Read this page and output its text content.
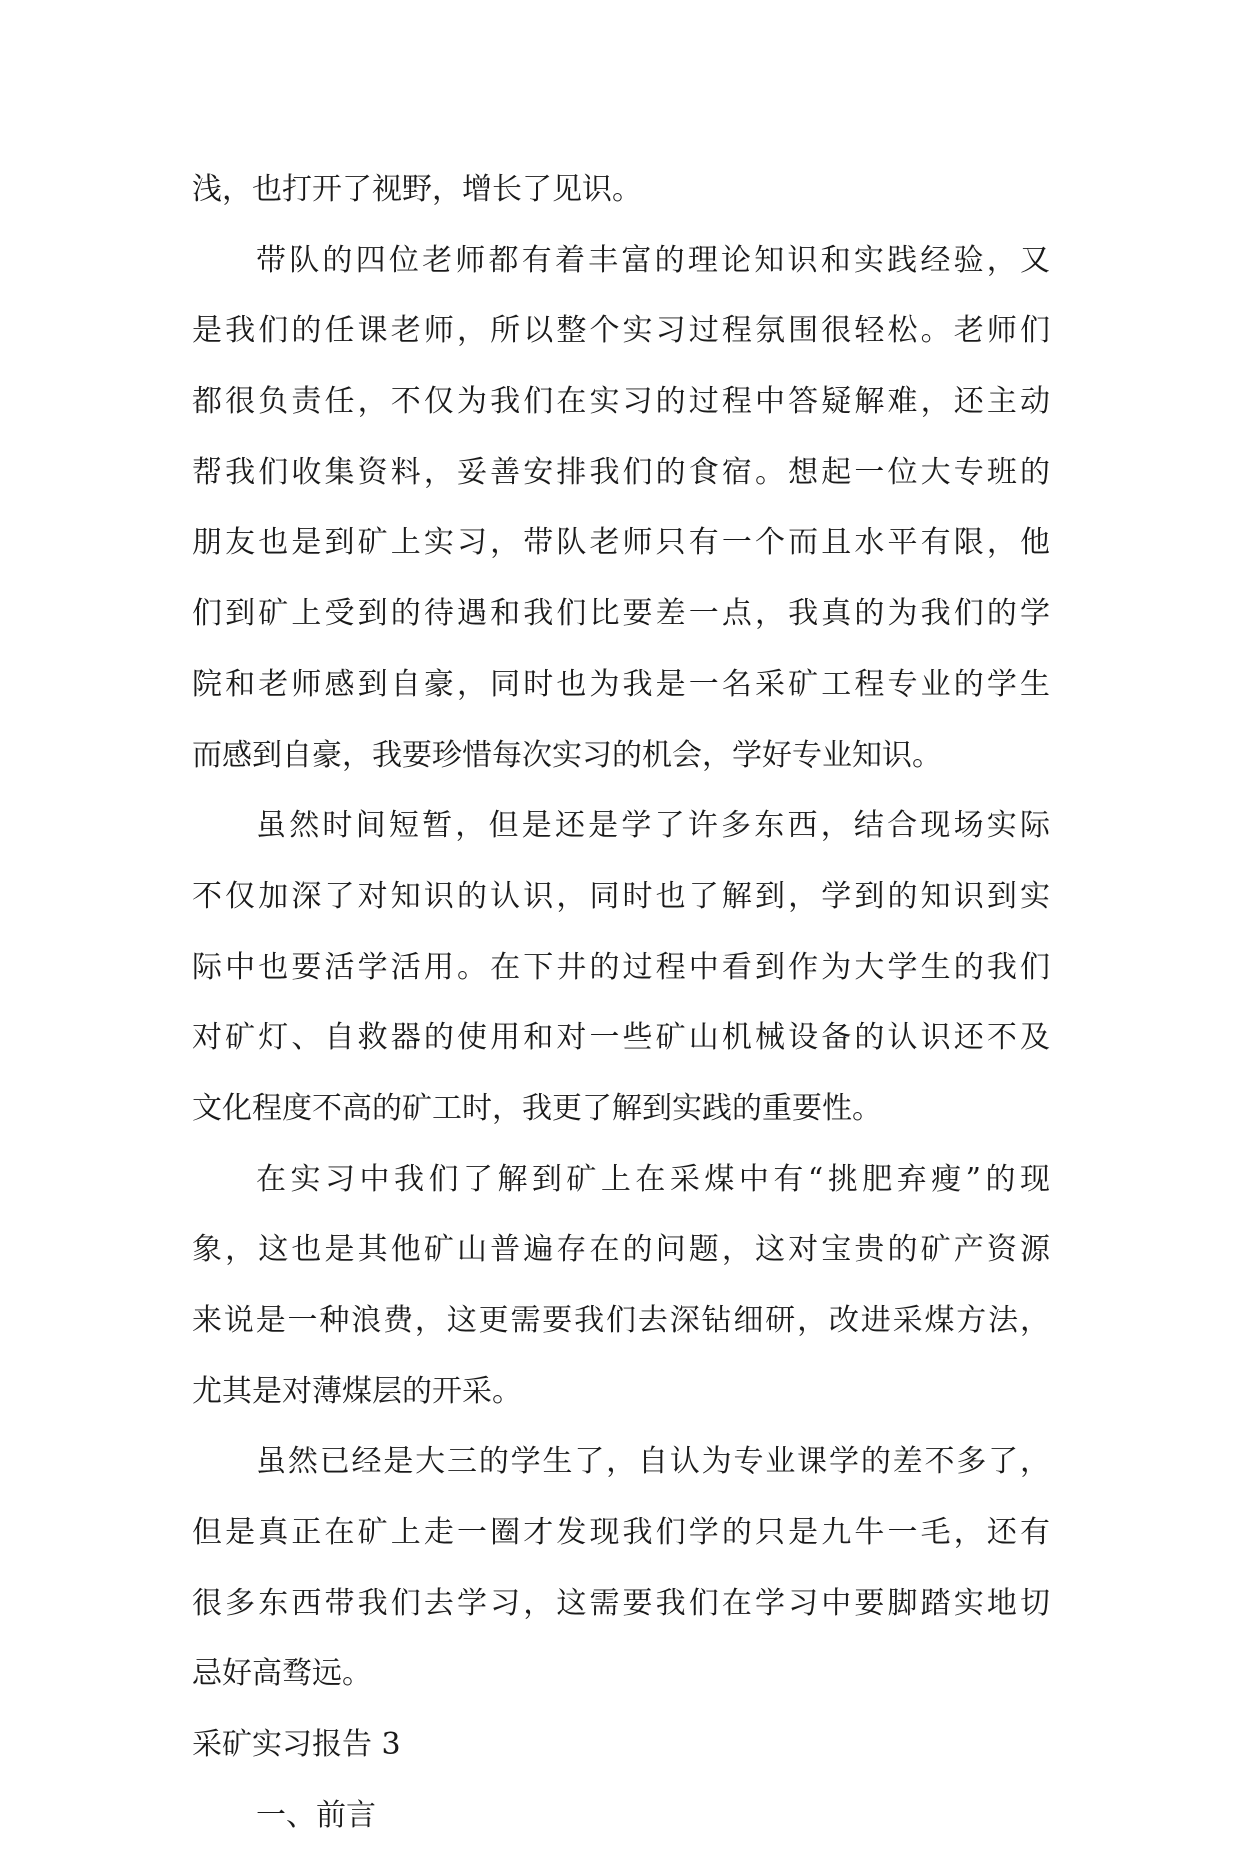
浅，也打开了视野，增长了见识。
带队的四位老师都有着丰富的理论知识和实践经验，又
是我们的任课老师，所以整个实习过程氛围很轻松。老师们
都很负责任，不仅为我们在实习的过程中答疑解难，还主动
帮我们收集资料，妥善安排我们的食宿。想起一位大专班的
朋友也是到矿上实习，带队老师只有一个而且水平有限，他
们到矿上受到的待遇和我们比要差一点，我真的为我们的学
院和老师感到自豪，同时也为我是一名采矿工程专业的学生
而感到自豪，我要珍惜每次实习的机会，学好专业知识。
虽然时间短暂，但是还是学了许多东西，结合现场实际
不仅加深了对知识的认识，同时也了解到，学到的知识到实
际中也要活学活用。在下井的过程中看到作为大学生的我们
对矿灯、自救器的使用和对一些矿山机械设备的认识还不及
文化程度不高的矿工时，我更了解到实践的重要性。
在实习中我们了解到矿上在采煤中有“挑肥弃瘦”的现
象，这也是其他矿山普遍存在的问题，这对宝贵的矿产资源
来说是一种浪费，这更需要我们去深钻细研，改进采煤方法，
尤其是对薄煤层的开采。
虽然已经是大三的学生了，自认为专业课学的差不多了，
但是真正在矿上走一圈才发现我们学的只是九牛一毛，还有
很多东西带我们去学习，这需要我们在学习中要脚踏实地切
忌好高骛远。
采矿实习报告 3
一、前言
